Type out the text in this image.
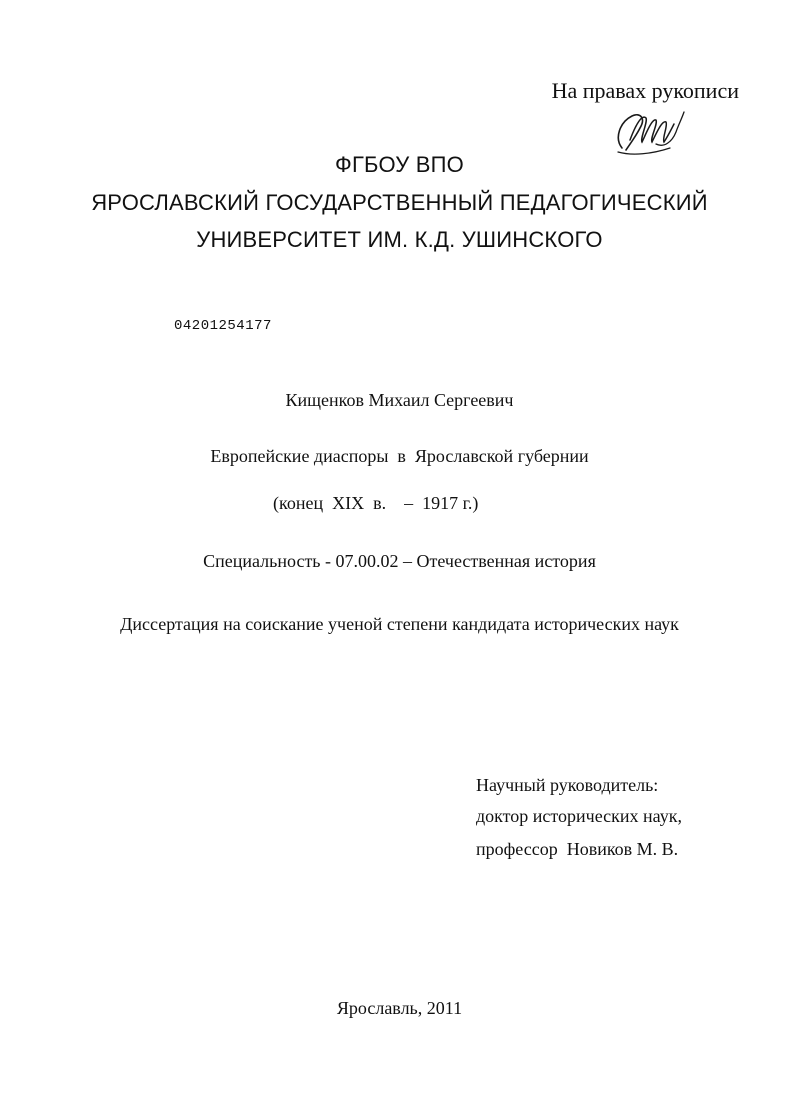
На правах рукописи
ФГБОУ ВПО
ЯРОСЛАВСКИЙ ГОСУДАРСТВЕННЫЙ ПЕДАГОГИЧЕСКИЙ
УНИВЕРСИТЕТ ИМ. К.Д. УШИНСКОГО
04201254177
Кищенков Михаил Сергеевич
Европейские диаспоры  в  Ярославской губернии
(конец  XIX  в.    –  1917 г.)
Специальность - 07.00.02 – Отечественная история
Диссертация на соискание ученой степени кандидата исторических наук
Научный руководитель:
доктор исторических наук,
профессор  Новиков М. В.
Ярославль, 2011
